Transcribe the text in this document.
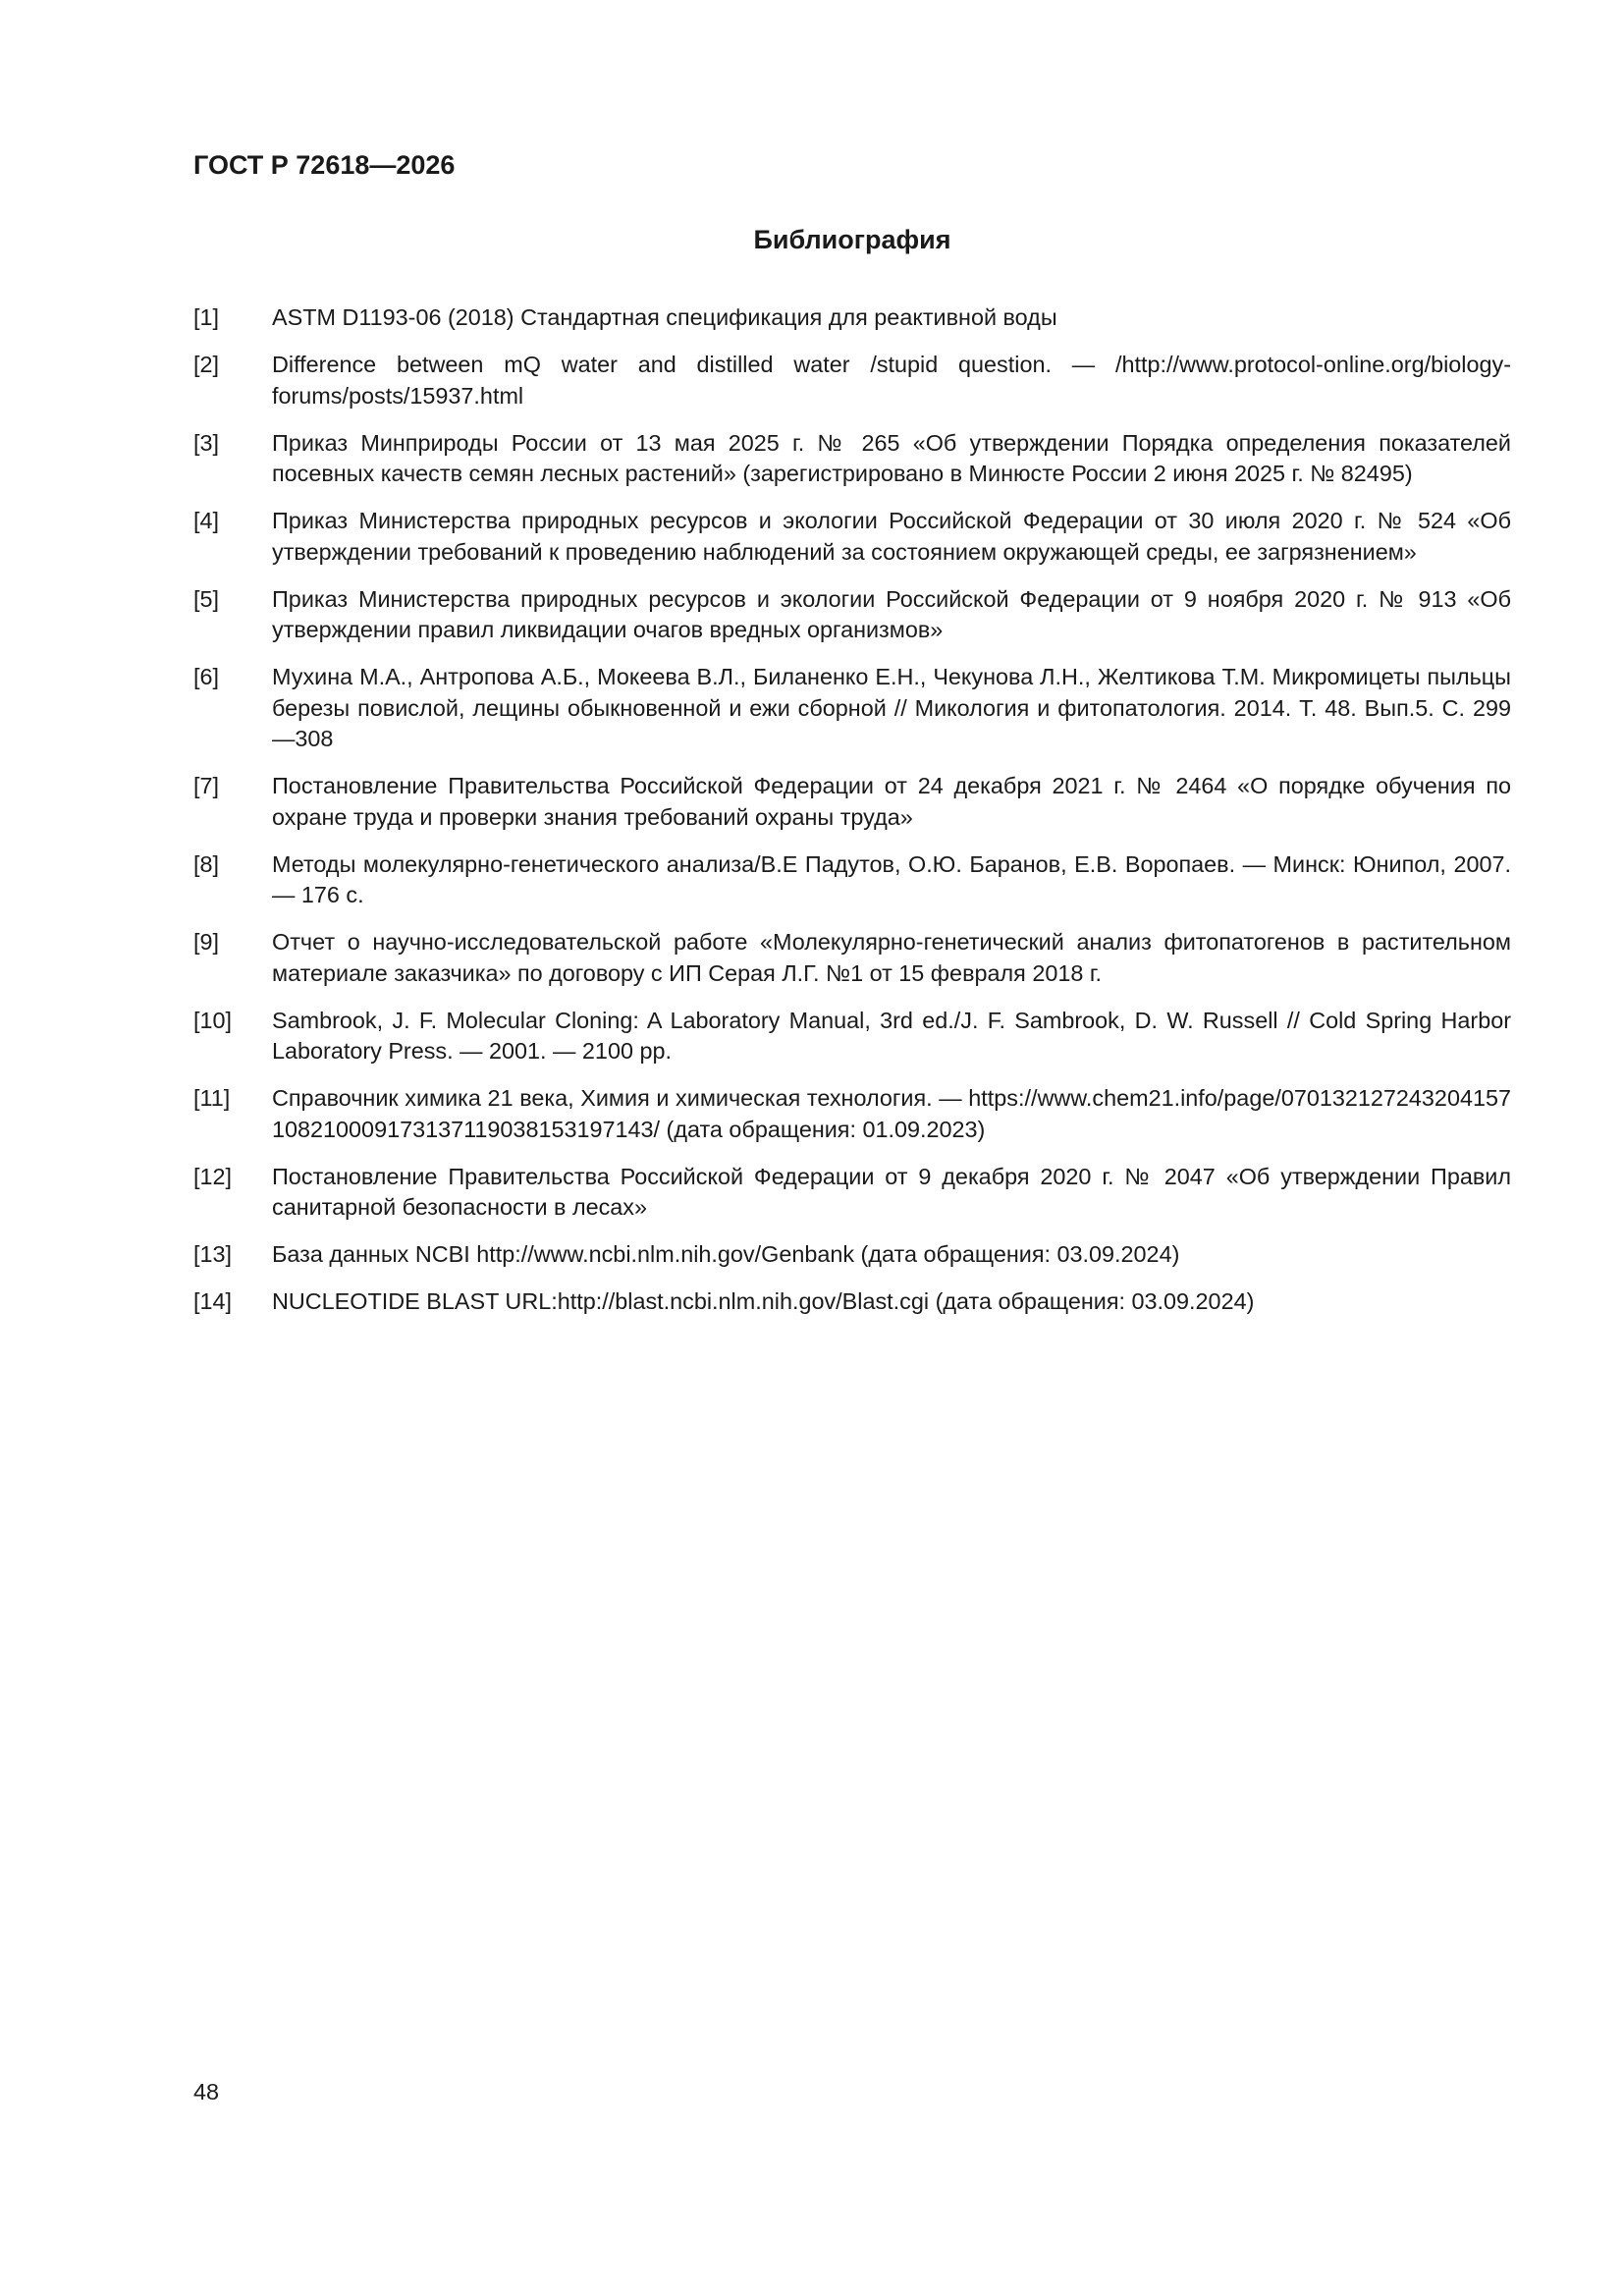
ГОСТ Р 72618—2026
Библиография
[1]	ASTM D1193-06 (2018) Стандартная спецификация для реактивной воды
[2]	Difference between mQ water and distilled water /stupid question. — /http://www.protocol-online.org/biology-forums/posts/15937.html
[3]	Приказ Минприроды России от 13 мая 2025 г. № 265 «Об утверждении Порядка определения показателей посевных качеств семян лесных растений» (зарегистрировано в Минюсте России 2 июня 2025 г. № 82495)
[4]	Приказ Министерства природных ресурсов и экологии Российской Федерации от 30 июля 2020 г. № 524 «Об утверждении требований к проведению наблюдений за состоянием окружающей среды, ее загрязнением»
[5]	Приказ Министерства природных ресурсов и экологии Российской Федерации от 9 ноября 2020 г. № 913 «Об утверждении правил ликвидации очагов вредных организмов»
[6]	Мухина М.А., Антропова А.Б., Мокеева В.Л., Биланенко Е.Н., Чекунова Л.Н., Желтикова Т.М. Микромицеты пыльцы березы повислой, лещины обыкновенной и ежи сборной // Микология и фитопатология. 2014. Т. 48. Вып.5. С. 299—308
[7]	Постановление Правительства Российской Федерации от 24 декабря 2021 г. № 2464 «О порядке обучения по охране труда и проверки знания требований охраны труда»
[8]	Методы молекулярно-генетического анализа/В.Е Падутов, О.Ю. Баранов, Е.В. Воропаев. — Минск: Юнипол, 2007. — 176 с.
[9]	Отчет о научно-исследовательской работе «Молекулярно-генетический анализ фитопатогенов в растительном материале заказчика» по договору с ИП Серая Л.Г. №1 от 15 февраля 2018 г.
[10]	Sambrook, J. F. Molecular Cloning: A Laboratory Manual, 3rd ed./J. F. Sambrook, D. W. Russell // Cold Spring Harbor Laboratory Press. — 2001. — 2100 pp.
[11]	Справочник химика 21 века, Химия и химическая технология. — https://www.chem21.info/page/070132127243204157108210009173137119038153197143/ (дата обращения: 01.09.2023)
[12]	Постановление Правительства Российской Федерации от 9 декабря 2020 г. № 2047 «Об утверждении Правил санитарной безопасности в лесах»
[13]	База данных NCBI http://www.ncbi.nlm.nih.gov/Genbank (дата обращения: 03.09.2024)
[14]	NUCLEOTIDE BLAST URL:http://blast.ncbi.nlm.nih.gov/Blast.cgi (дата обращения: 03.09.2024)
48
